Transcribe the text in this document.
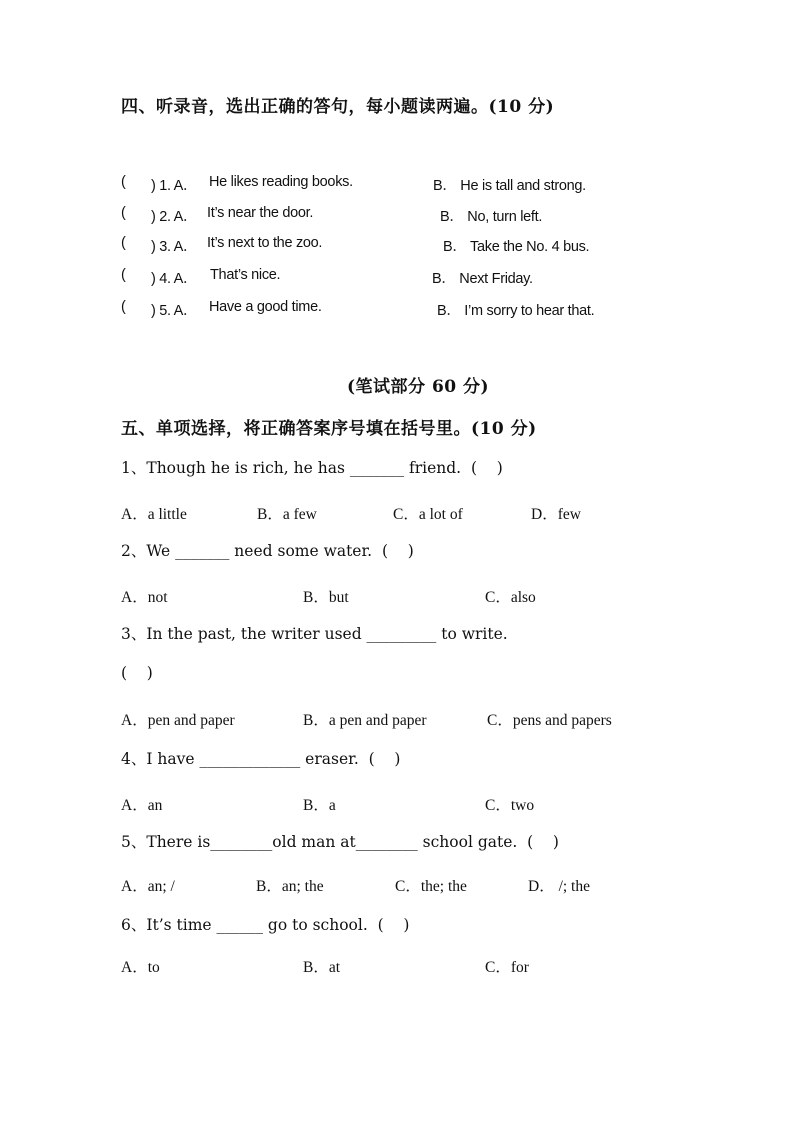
四、听录音，选出正确的答句，每小题读两遍。(10 分)
( ) 1. A． He likes reading books.	B． He is tall and strong.
( ) 2. A． It’s near the door.	B． No, turn left.
( ) 3. A． It’s next to the zoo.	B． Take the No. 4 bus.
( ) 4. A． That’s nice.	B． Next Friday.
( ) 5. A． Have a good time.	B． I’m sorry to hear that.
(笔试部分 60 分)
五、单项选择，将正确答案序号填在括号里。(10 分)
1、Though he is rich, he has _______ friend.  (    )
A．a little	B．a few	C．a lot of	D．few
2、We _______ need some water.  (    )
A．not	B．but	C．also
3、In the past, the writer used _________ to write.
(    )
A．pen and paper	B．a pen and paper	C．pens and papers
4、I have _____________ eraser.  (    )
A．an	B．a	C．two
5、There is________old man at________ school gate.  (    )
A．an; /	B．an; the	C．the; the	D． /; the
6、It’s time ______ go to school.  (    )
A．to	B．at	C．for
